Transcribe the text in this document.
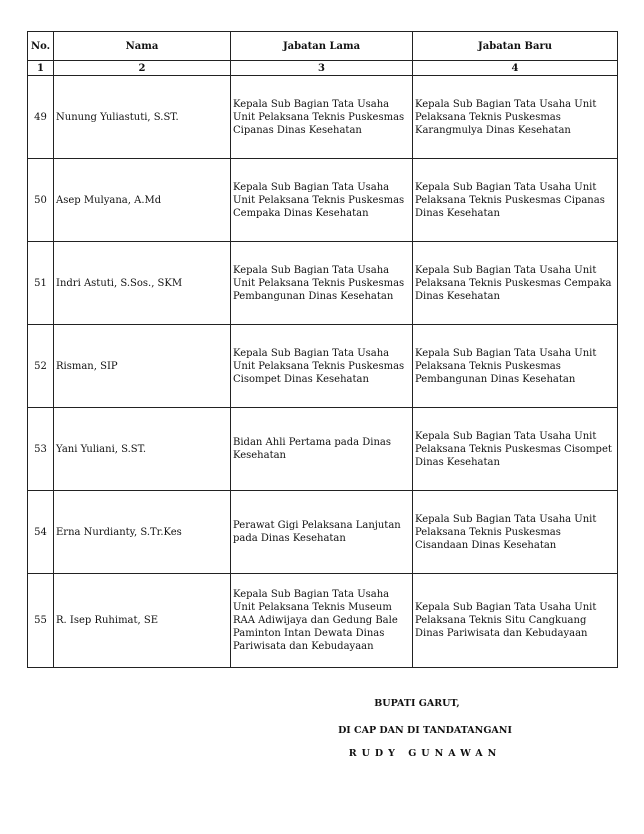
No.	Nama	Jabatan Lama	Jabatan Baru
1	2	3	4
49	Nunung Yuliastuti, S.ST.	Kepala Sub Bagian Tata Usaha Unit Pelaksana Teknis Puskesmas Cipanas Dinas Kesehatan	Kepala Sub Bagian Tata Usaha Unit Pelaksana Teknis Puskesmas Karangmulya Dinas Kesehatan
50	Asep Mulyana, A.Md	Kepala Sub Bagian Tata Usaha Unit Pelaksana Teknis Puskesmas Cempaka Dinas Kesehatan	Kepala Sub Bagian Tata Usaha Unit Pelaksana Teknis Puskesmas Cipanas Dinas Kesehatan
51	Indri Astuti, S.Sos., SKM	Kepala Sub Bagian Tata Usaha Unit Pelaksana Teknis Puskesmas Pembangunan Dinas Kesehatan	Kepala Sub Bagian Tata Usaha Unit Pelaksana Teknis Puskesmas Cempaka Dinas Kesehatan
52	Risman, SIP	Kepala Sub Bagian Tata Usaha Unit Pelaksana Teknis Puskesmas Cisompet Dinas Kesehatan	Kepala Sub Bagian Tata Usaha Unit Pelaksana Teknis Puskesmas Pembangunan Dinas Kesehatan
53	Yani Yuliani, S.ST.	Bidan Ahli Pertama pada Dinas Kesehatan	Kepala Sub Bagian Tata Usaha Unit Pelaksana Teknis Puskesmas Cisompet Dinas Kesehatan
54	Erna Nurdianty, S.Tr.Kes	Perawat Gigi Pelaksana Lanjutan pada Dinas Kesehatan	Kepala Sub Bagian Tata Usaha Unit Pelaksana Teknis Puskesmas Cisandaan Dinas Kesehatan
55	R. Isep Ruhimat, SE	Kepala Sub Bagian Tata Usaha Unit Pelaksana Teknis Museum RAA Adiwijaya dan Gedung Bale Paminton Intan Dewata Dinas Pariwisata dan Kebudayaan	Kepala Sub Bagian Tata Usaha Unit Pelaksana Teknis Situ Cangkuang Dinas Pariwisata dan Kebudayaan
BUPATI GARUT,
DI CAP DAN DI TANDATANGANI
RUDY GUNAWAN
